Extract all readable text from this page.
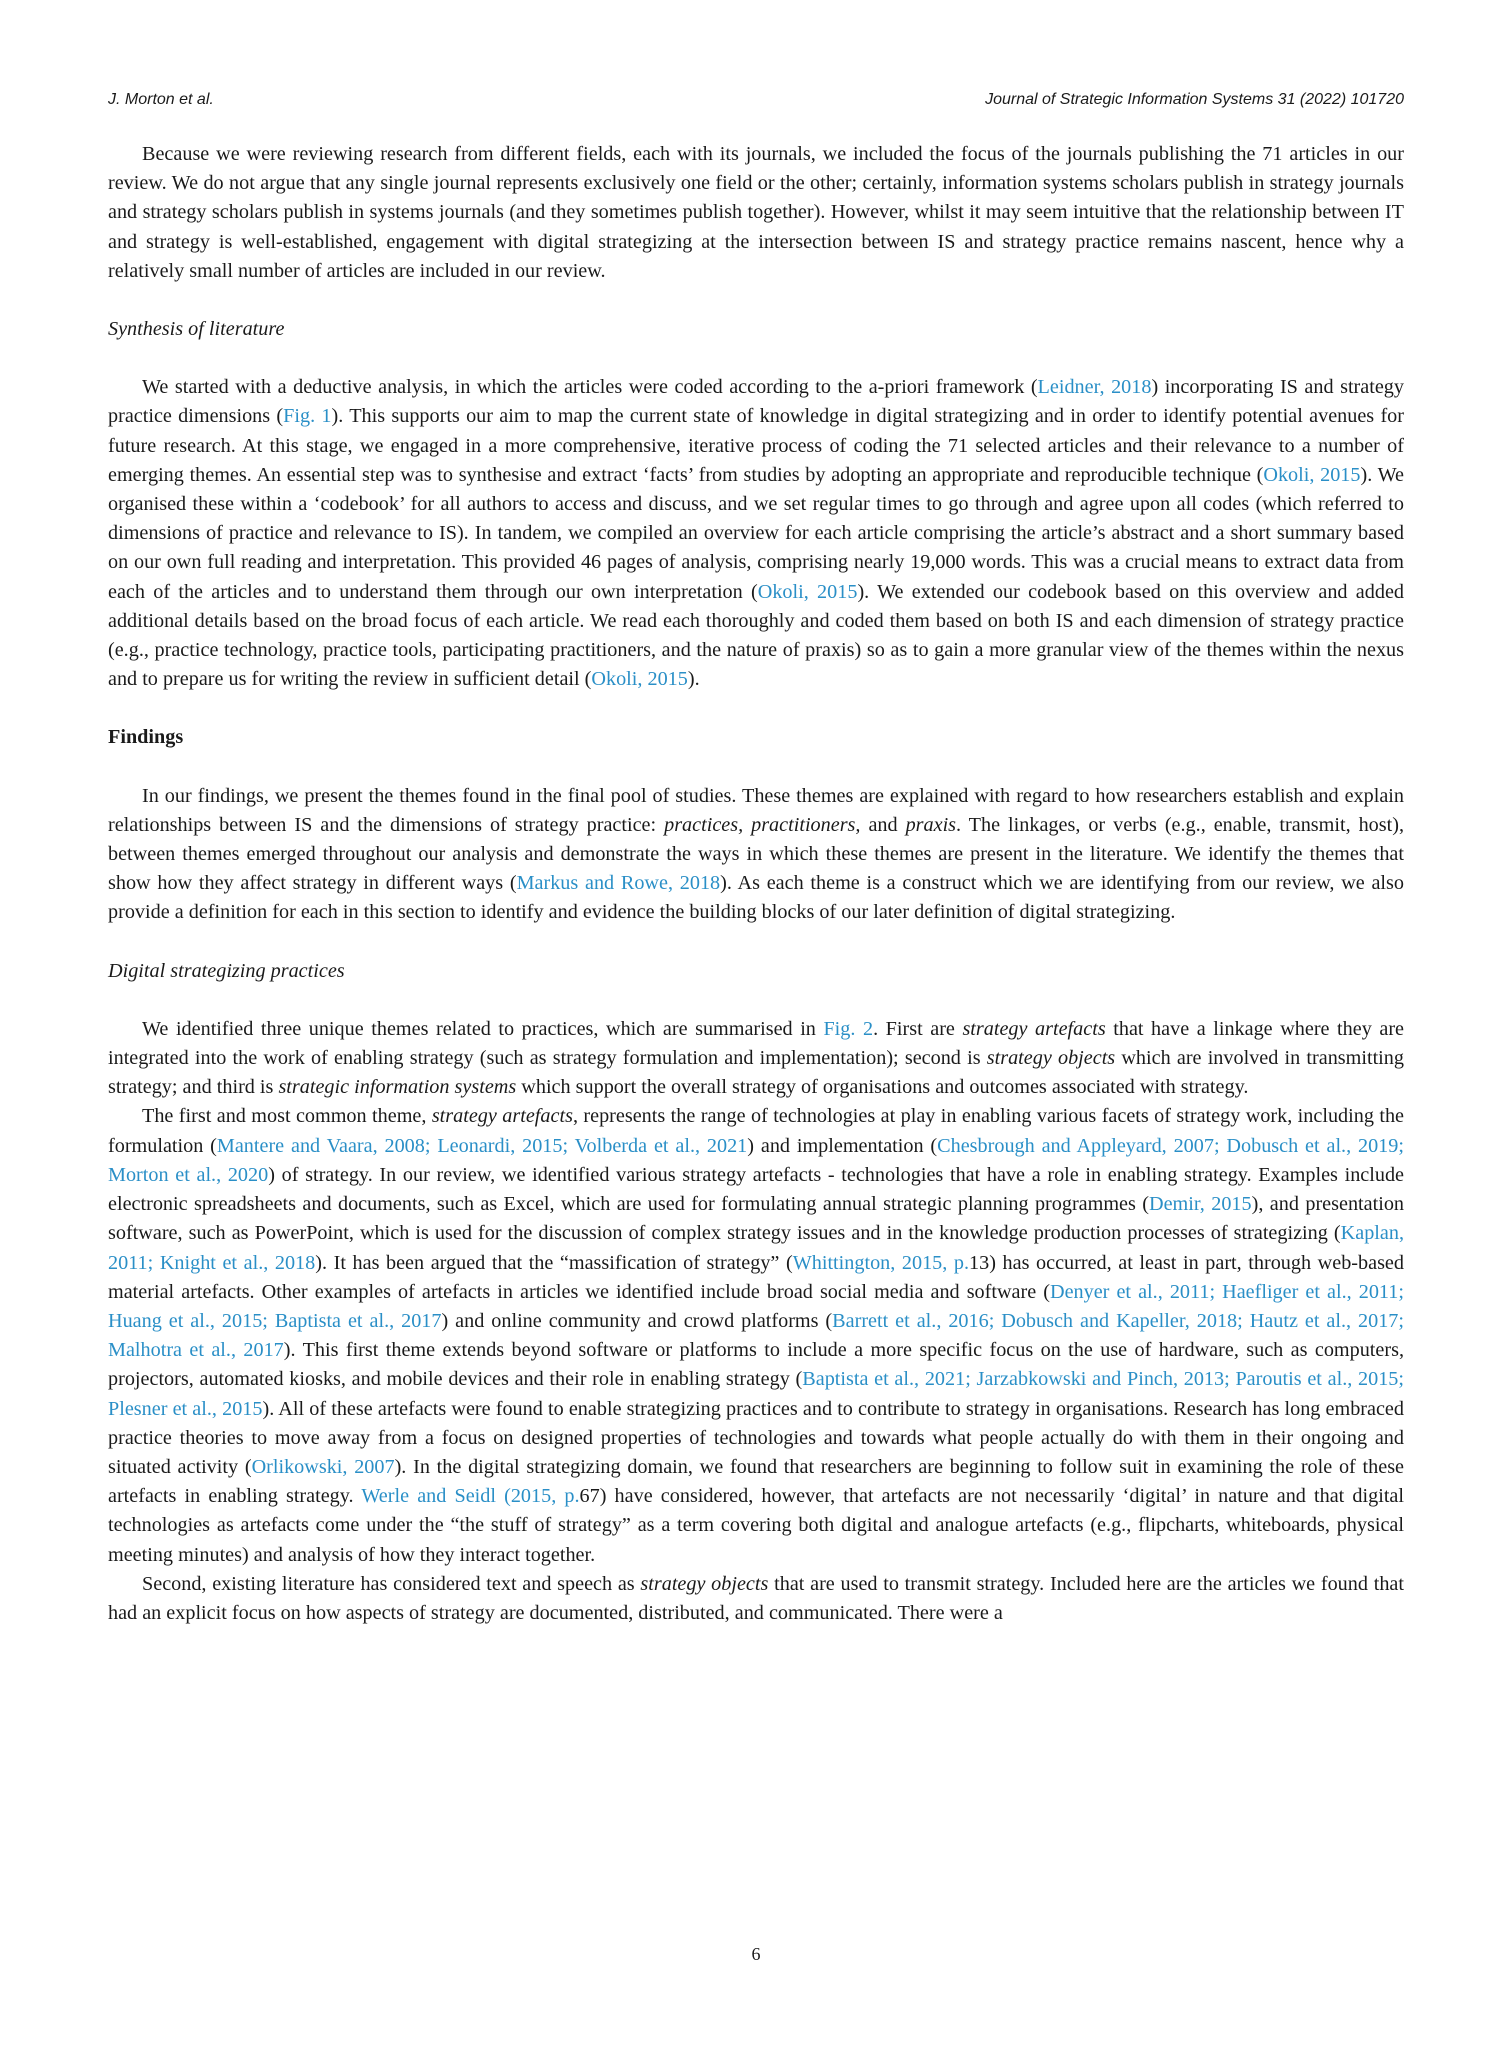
J. Morton et al.	Journal of Strategic Information Systems 31 (2022) 101720

Because we were reviewing research from different fields, each with its journals, we included the focus of the journals publishing the 71 articles in our review. We do not argue that any single journal represents exclusively one field or the other; certainly, information systems scholars publish in strategy journals and strategy scholars publish in systems journals (and they sometimes publish together). However, whilst it may seem intuitive that the relationship between IT and strategy is well-established, engagement with digital strategizing at the intersection between IS and strategy practice remains nascent, hence why a relatively small number of articles are included in our review.

Synthesis of literature

We started with a deductive analysis, in which the articles were coded according to the a-priori framework (Leidner, 2018) incorporating IS and strategy practice dimensions (Fig. 1). This supports our aim to map the current state of knowledge in digital strategizing and in order to identify potential avenues for future research. At this stage, we engaged in a more comprehensive, iterative process of coding the 71 selected articles and their relevance to a number of emerging themes. An essential step was to synthesise and extract ‘facts’ from studies by adopting an appropriate and reproducible technique (Okoli, 2015). We organised these within a ‘codebook’ for all authors to access and discuss, and we set regular times to go through and agree upon all codes (which referred to dimensions of practice and relevance to IS). In tandem, we compiled an overview for each article comprising the article’s abstract and a short summary based on our own full reading and interpretation. This provided 46 pages of analysis, comprising nearly 19,000 words. This was a crucial means to extract data from each of the articles and to understand them through our own interpretation (Okoli, 2015). We extended our codebook based on this overview and added additional details based on the broad focus of each article. We read each thoroughly and coded them based on both IS and each dimension of strategy practice (e.g., practice technology, practice tools, participating practitioners, and the nature of praxis) so as to gain a more granular view of the themes within the nexus and to prepare us for writing the review in sufficient detail (Okoli, 2015).

Findings

In our findings, we present the themes found in the final pool of studies. These themes are explained with regard to how researchers establish and explain relationships between IS and the dimensions of strategy practice: practices, practitioners, and praxis. The linkages, or verbs (e.g., enable, transmit, host), between themes emerged throughout our analysis and demonstrate the ways in which these themes are present in the literature. We identify the themes that show how they affect strategy in different ways (Markus and Rowe, 2018). As each theme is a construct which we are identifying from our review, we also provide a definition for each in this section to identify and evidence the building blocks of our later definition of digital strategizing.

Digital strategizing practices

We identified three unique themes related to practices, which are summarised in Fig. 2. First are strategy artefacts that have a linkage where they are integrated into the work of enabling strategy (such as strategy formulation and implementation); second is strategy objects which are involved in transmitting strategy; and third is strategic information systems which support the overall strategy of organisations and outcomes associated with strategy.

The first and most common theme, strategy artefacts, represents the range of technologies at play in enabling various facets of strategy work, including the formulation (Mantere and Vaara, 2008; Leonardi, 2015; Volberda et al., 2021) and implementation (Chesbrough and Appleyard, 2007; Dobusch et al., 2019; Morton et al., 2020) of strategy. In our review, we identified various strategy artefacts - technologies that have a role in enabling strategy. Examples include electronic spreadsheets and documents, such as Excel, which are used for formulating annual strategic planning programmes (Demir, 2015), and presentation software, such as PowerPoint, which is used for the discussion of complex strategy issues and in the knowledge production processes of strategizing (Kaplan, 2011; Knight et al., 2018). It has been argued that the “massification of strategy” (Whittington, 2015, p.13) has occurred, at least in part, through web-based material artefacts. Other examples of artefacts in articles we identified include broad social media and software (Denyer et al., 2011; Haefliger et al., 2011; Huang et al., 2015; Baptista et al., 2017) and online community and crowd platforms (Barrett et al., 2016; Dobusch and Kapeller, 2018; Hautz et al., 2017; Malhotra et al., 2017). This first theme extends beyond software or platforms to include a more specific focus on the use of hardware, such as computers, projectors, automated kiosks, and mobile devices and their role in enabling strategy (Baptista et al., 2021; Jarzabkowski and Pinch, 2013; Paroutis et al., 2015; Plesner et al., 2015). All of these artefacts were found to enable strategizing practices and to contribute to strategy in organisations. Research has long embraced practice theories to move away from a focus on designed properties of technologies and towards what people actually do with them in their ongoing and situated activity (Orlikowski, 2007). In the digital strategizing domain, we found that researchers are beginning to follow suit in examining the role of these artefacts in enabling strategy. Werle and Seidl (2015, p.67) have considered, however, that artefacts are not necessarily ‘digital’ in nature and that digital technologies as artefacts come under the “the stuff of strategy” as a term covering both digital and analogue artefacts (e.g., flipcharts, whiteboards, physical meeting minutes) and analysis of how they interact together.

Second, existing literature has considered text and speech as strategy objects that are used to transmit strategy. Included here are the articles we found that had an explicit focus on how aspects of strategy are documented, distributed, and communicated. There were a

6
